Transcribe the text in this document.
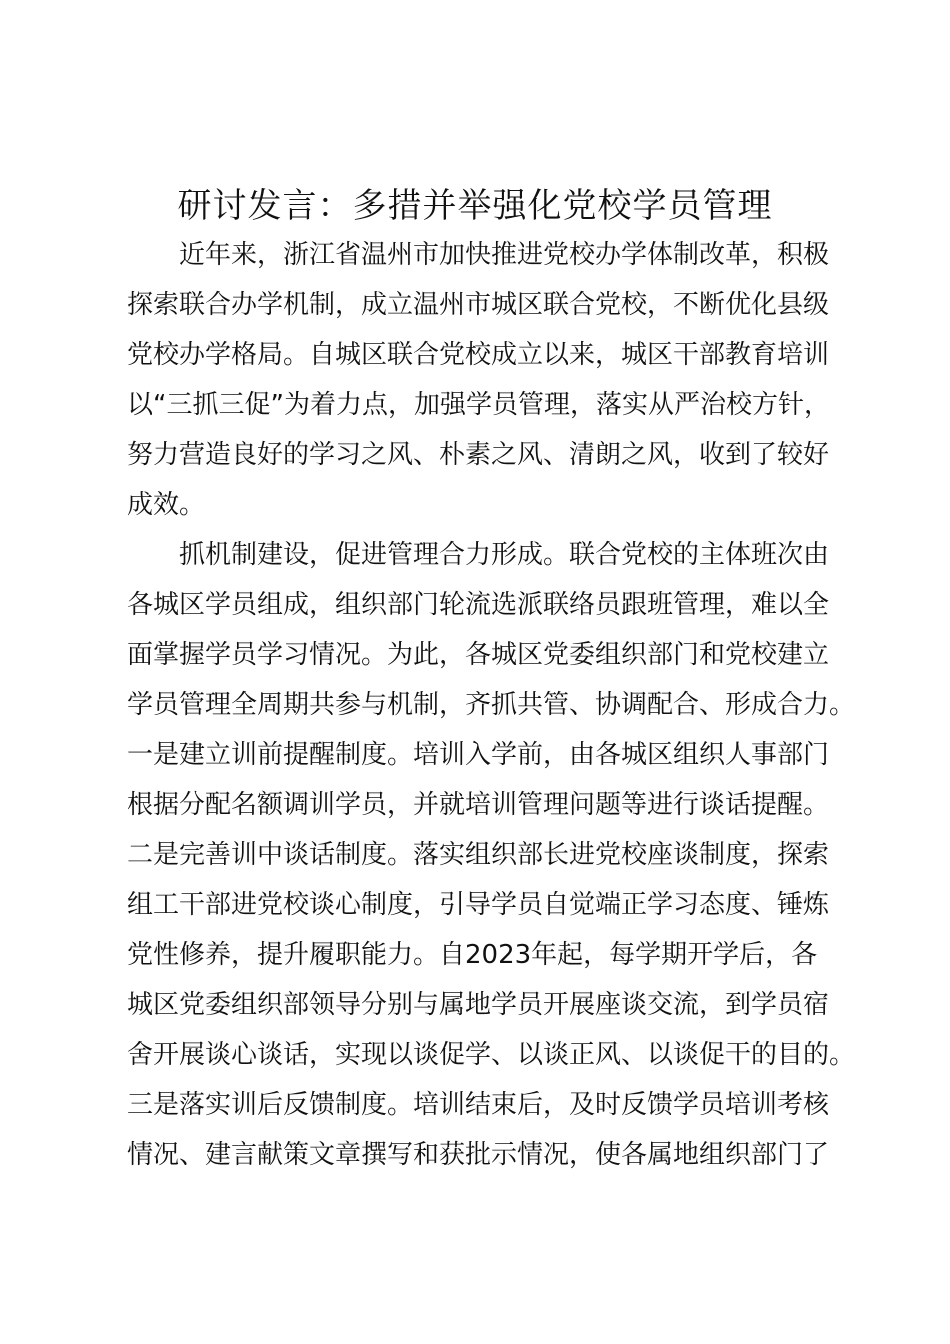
研讨发言：多措并举强化党校学员管理
近年来，浙江省温州市加快推进党校办学体制改革，积极
探索联合办学机制，成立温州市城区联合党校，不断优化县级
党校办学格局。自城区联合党校成立以来，城区干部教育培训
以“三抓三促”为着力点，加强学员管理，落实从严治校方针，
努力营造良好的学习之风、朴素之风、清朗之风，收到了较好
成效。
抓机制建设，促进管理合力形成。联合党校的主体班次由
各城区学员组成，组织部门轮流选派联络员跟班管理，难以全
面掌握学员学习情况。为此，各城区党委组织部门和党校建立
学员管理全周期共参与机制，齐抓共管、协调配合、形成合力。
一是建立训前提醒制度。培训入学前，由各城区组织人事部门
根据分配名额调训学员，并就培训管理问题等进行谈话提醒。
二是完善训中谈话制度。落实组织部长进党校座谈制度，探索
组工干部进党校谈心制度，引导学员自觉端正学习态度、锤炼
党性修养，提升履职能力。自2023年起，每学期开学后，各
城区党委组织部领导分别与属地学员开展座谈交流，到学员宿
舍开展谈心谈话，实现以谈促学、以谈正风、以谈促干的目的。
三是落实训后反馈制度。培训结束后，及时反馈学员培训考核
情况、建言献策文章撰写和获批示情况，使各属地组织部门了
